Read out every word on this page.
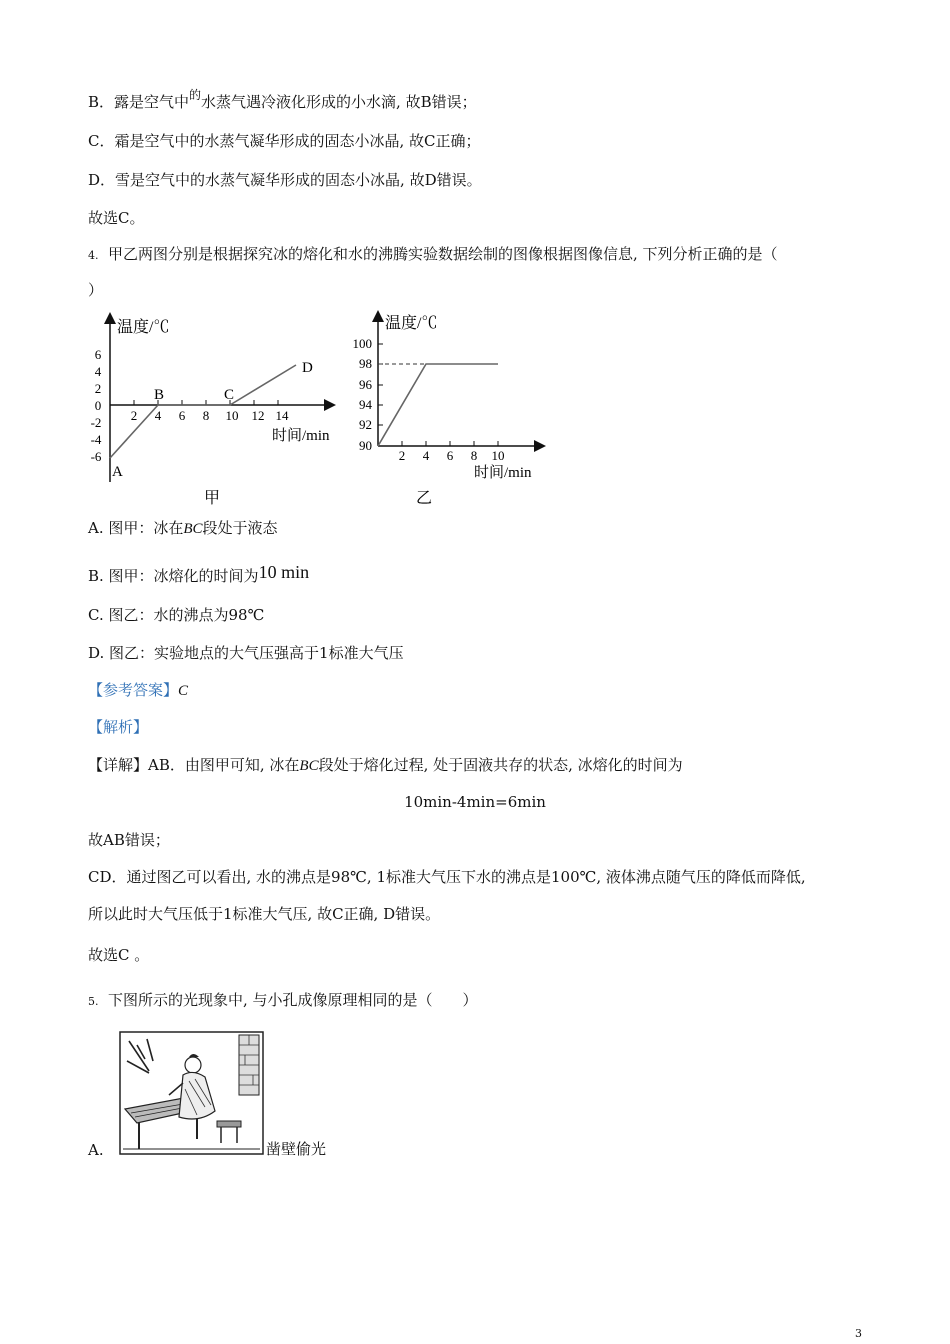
B．露是空气中$^的$水蒸气遇冷液化形成的小水滴, 故B错误；
C．霜是空气中的水蒸气凝华形成的固态小冰晶, 故C正确；
D．雪是空气中的水蒸气凝华形成的固态小冰晶, 故D错误。
故选C。
4. 甲乙两图分别是根据探究冰的熔化和水的沸腾实验数据绘制的图像根据图像信息, 下列分析正确的是（
）
温度/℃
时间/min
6
4
2
0
-2
-4
-6
2 4 6 8 10 12 14
A
B	C
D
甲
温度/℃
时间/min
100
98
96
94
92
90
2 4 6 8 10
乙
A. 图甲：冰在BC段处于液态
B. 图甲：冰熔化的时间为10 min
C. 图乙：水的沸点为98℃
D. 图乙：实验地点的大气压强高于1标准大气压
【参考答案】C
【解析】
【详解】AB．由图甲可知, 冰在BC段处于熔化过程, 处于固液共存的状态, 冰熔化的时间为
10min-4min=6min
故AB错误；
CD．通过图乙可以看出, 水的沸点是98℃, 1标准大气压下水的沸点是100℃, 液体沸点随气压的降低而降低,
所以此时大气压低于1标准大气压, 故C正确, D错误。
故选C 。
5. 下图所示的光现象中, 与小孔成像原理相同的是（　　）
A.	凿壁偷光
3
